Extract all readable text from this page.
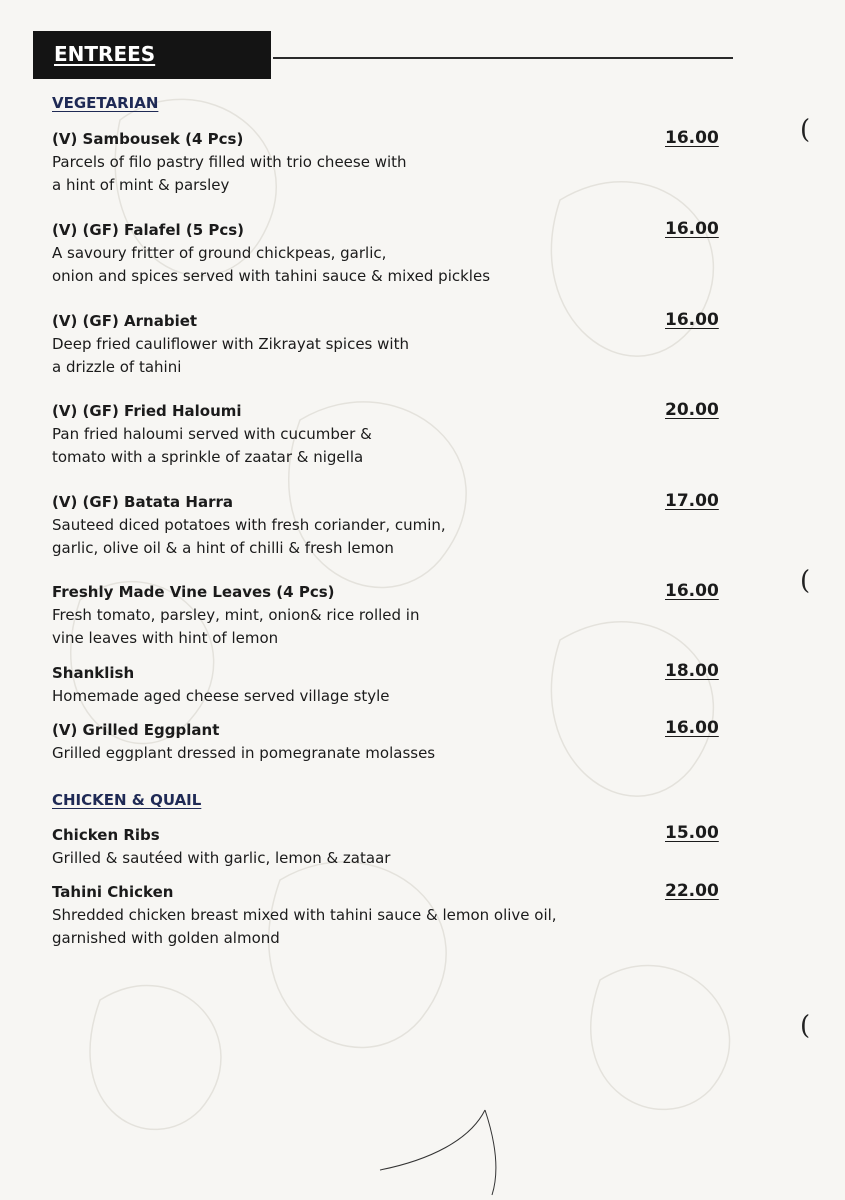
ENTREES
VEGETARIAN
(V) Sambousek (4 Pcs)
Parcels of filo pastry filled with trio cheese with
a hint of mint & parsley
16.00
(V) (GF) Falafel (5 Pcs)
A savoury fritter of ground chickpeas, garlic,
onion and spices served with tahini sauce & mixed pickles
16.00
(V) (GF) Arnabiet
Deep fried cauliflower with Zikrayat spices with
a drizzle of tahini
16.00
(V) (GF) Fried Haloumi
Pan fried haloumi served with cucumber &
tomato with a sprinkle of zaatar & nigella
20.00
(V) (GF) Batata Harra
Sauteed diced potatoes with fresh coriander, cumin,
garlic, olive oil & a hint of chilli & fresh lemon
17.00
Freshly Made Vine Leaves (4 Pcs)
Fresh tomato, parsley, mint, onion& rice rolled in
vine leaves with hint of lemon
16.00
Shanklish
Homemade aged cheese served village style
18.00
(V) Grilled Eggplant
Grilled eggplant dressed in pomegranate molasses
16.00
CHICKEN & QUAIL
Chicken Ribs
Grilled & sautéed with garlic, lemon & zataar
15.00
Tahini Chicken
Shredded chicken breast mixed with tahini sauce & lemon olive oil,
garnished with golden almond
22.00
(
(
(
